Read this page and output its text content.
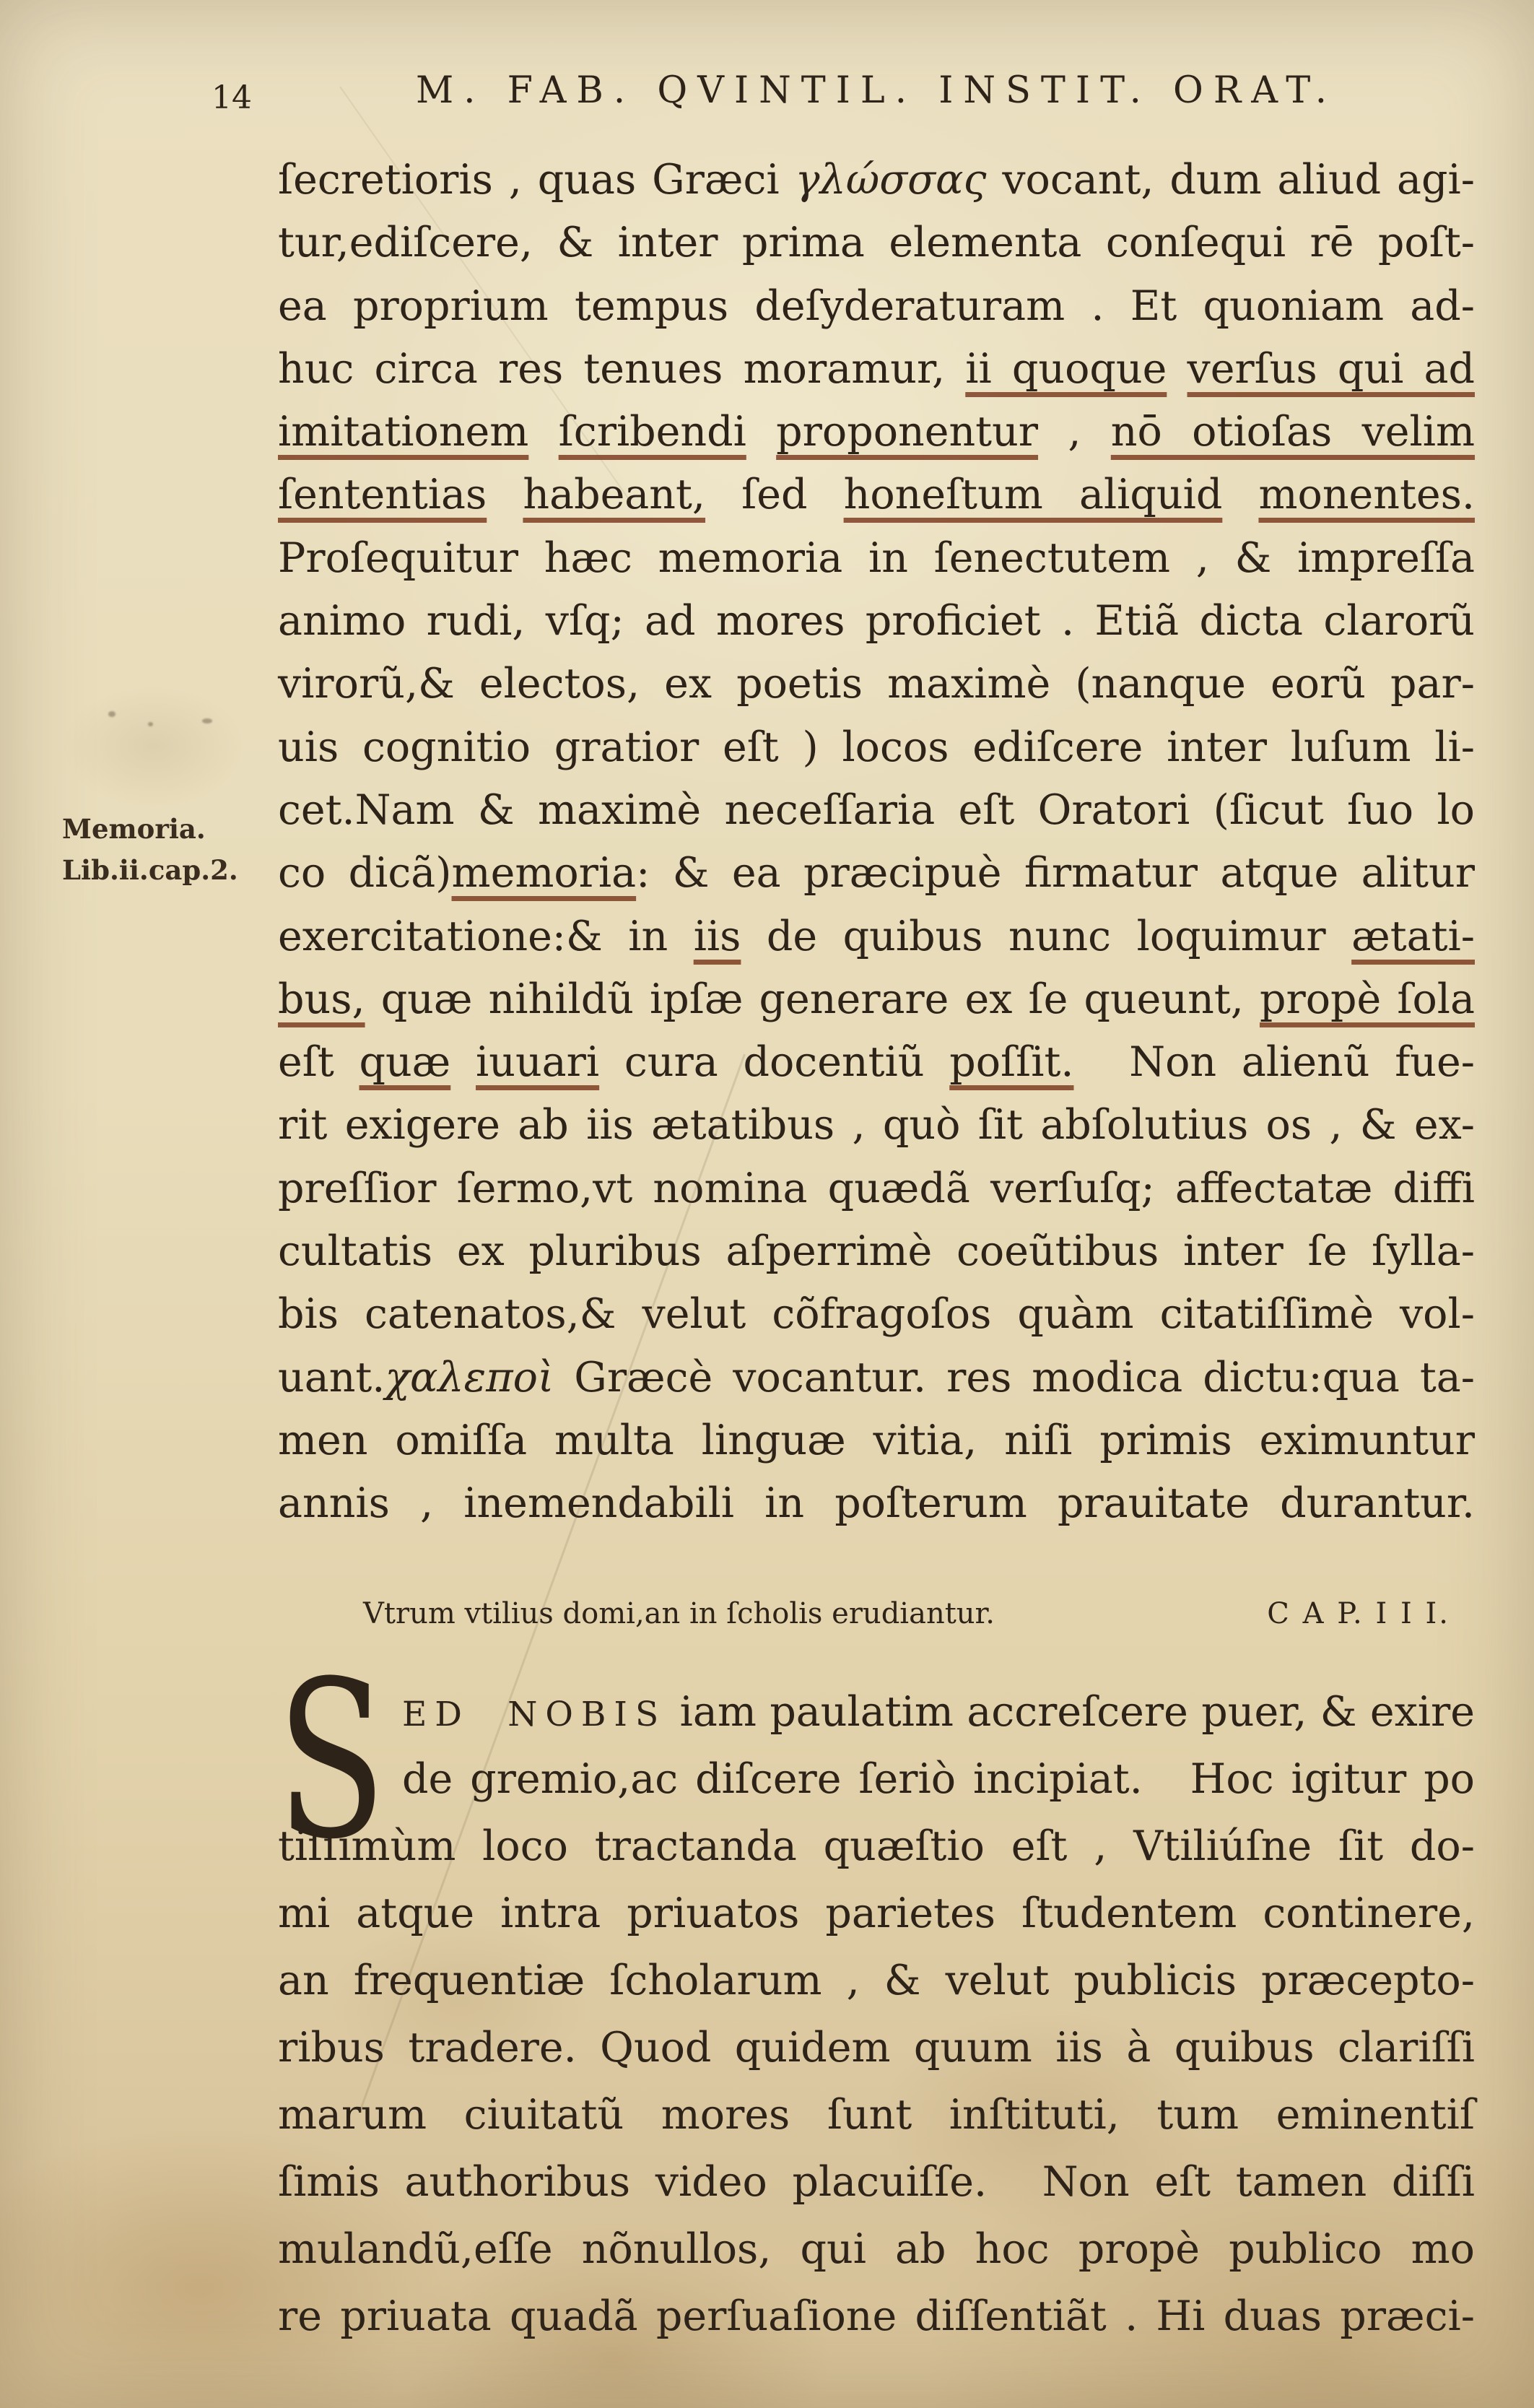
14	M. FAB. QVINTIL. INSTIT. ORAT.
Memoria.
Lib.ii.cap.2.
ſecretioris , quas Græci γλώσσας vocant, dum aliud agi-
tur,ediſcere, & inter prima elementa conſequi rē poſt-
ea proprium tempus deſyderaturam . Et quoniam ad-
huc circa res tenues moramur, ii quoque verſus qui ad
imitationem ſcribendi proponentur , nō otioſas velim
ſententias habeant, ſed honeſtum aliquid monentes.
Proſequitur hæc memoria in ſenectutem , & impreſſa
animo rudi, vſq; ad mores proficiet . Etiã dicta clarorũ
virorũ,& electos, ex poetis maximè (nanque eorũ par-
uis cognitio gratior eſt ) locos ediſcere inter luſum li-
cet.Nam & maximè neceſſaria eſt Oratori (ſicut ſuo lo
co dicã)memoria: & ea præcipuè firmatur atque alitur
exercitatione:& in iis de quibus nunc loquimur ætati-
bus, quæ nihildũ ipſæ generare ex ſe queunt, propè ſola
eſt quæ iuuari cura docentiũ poſſit. Non alienũ fue-
rit exigere ab iis ætatibus , quò ſit abſolutius os , & ex-
preſſior ſermo,vt nomina quædã verſuſq; affectatæ diffi
cultatis ex pluribus aſperrimè coeũtibus inter ſe ſylla-
bis catenatos,& velut cõfragoſos quàm citatiſſimè vol-
uant.χαλεποὶ Græcè vocantur. res modica dictu:qua ta-
men omiſſa multa linguæ vitia, niſi primis eximuntur
annis , inemendabili in poſterum prauitate durantur.
Vtrum vtilius domi,an in ſcholis erudiantur.	C A P. I I I.
S ED NOBIS iam paulatim accreſcere puer, & exire
de gremio,ac diſcere ſeriò incipiat. Hoc igitur po
tiſſimùm loco tractanda quæſtio eſt , Vtiliúſne ſit do-
mi atque intra priuatos parietes ſtudentem continere,
an frequentiæ ſcholarum , & velut publicis præcepto-
ribus tradere. Quod quidem quum iis à quibus clariſſi
marum ciuitatũ mores ſunt inſtituti, tum eminentiſ
ſimis authoribus video placuiſſe. Non eſt tamen diſſi
mulandũ,eſſe nõnullos, qui ab hoc propè publico mo
re priuata quadã perſuaſione diſſentiãt . Hi duas præci-
